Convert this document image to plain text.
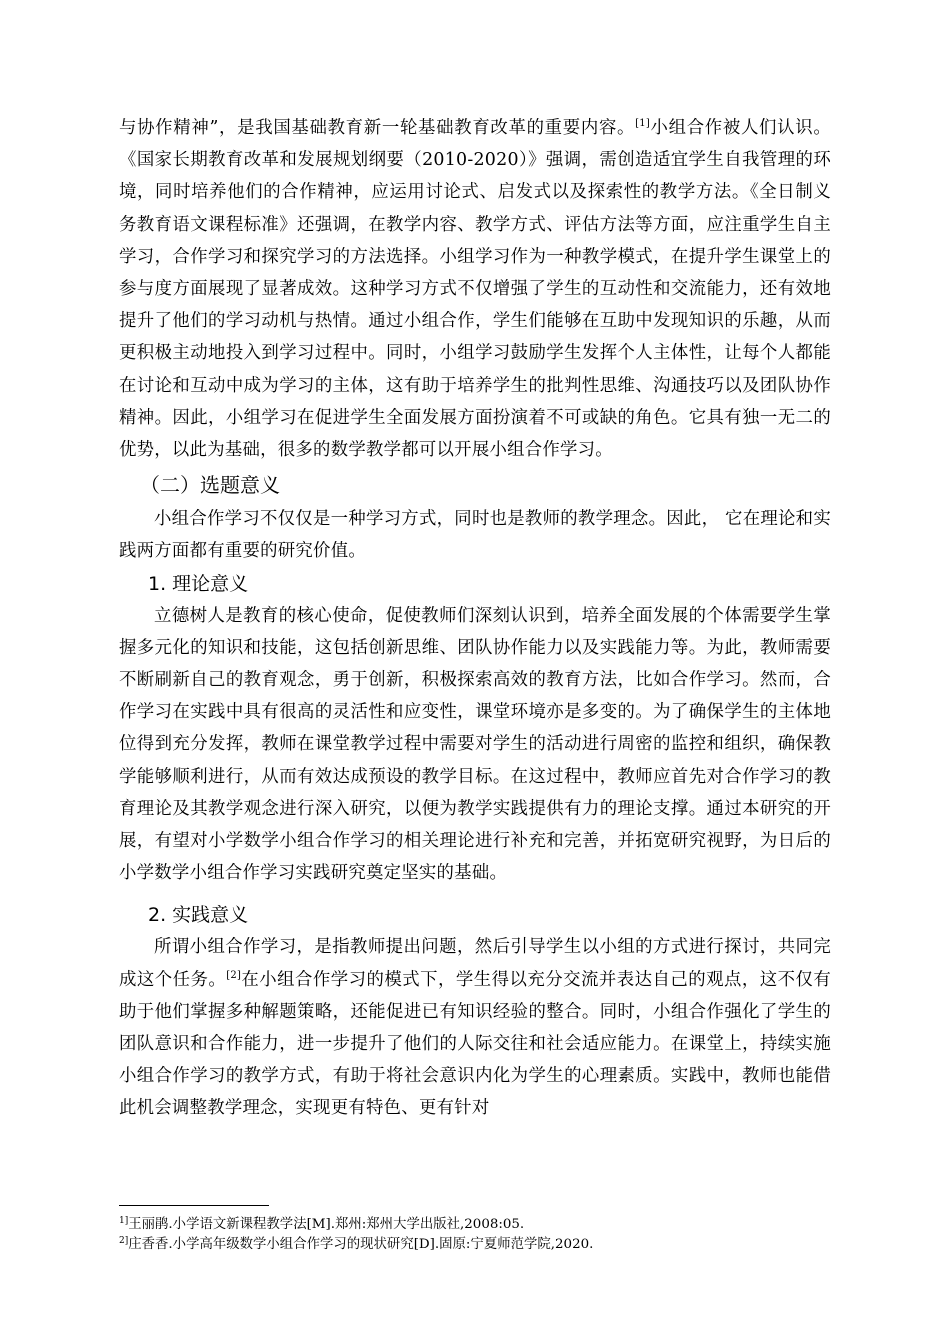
与协作精神”，是我国基础教育新一轮基础教育改革的重要内容。[1]小组合作被人们认识。《国家长期教育改革和发展规划纲要（2010-2020）》强调，需创造适宜学生自我管理的环境，同时培养他们的合作精神，应运用讨论式、启发式以及探索性的教学方法。《全日制义务教育语文课程标准》还强调，在教学内容、教学方式、评估方法等方面，应注重学生自主学习，合作学习和探究学习的方法选择。小组学习作为一种教学模式，在提升学生课堂上的参与度方面展现了显著成效。这种学习方式不仅增强了学生的互动性和交流能力，还有效地提升了他们的学习动机与热情。通过小组合作，学生们能够在互助中发现知识的乐趣，从而更积极主动地投入到学习过程中。同时，小组学习鼓励学生发挥个人主体性，让每个人都能在讨论和互动中成为学习的主体，这有助于培养学生的批判性思维、沟通技巧以及团队协作精神。因此，小组学习在促进学生全面发展方面扮演着不可或缺的角色。它具有独一无二的优势，以此为基础，很多的数学教学都可以开展小组合作学习。

（二）选题意义

小组合作学习不仅仅是一种学习方式，同时也是教师的教学理念。因此， 它在理论和实践两方面都有重要的研究价值。

1. 理论意义

立德树人是教育的核心使命，促使教师们深刻认识到，培养全面发展的个体需要学生掌握多元化的知识和技能，这包括创新思维、团队协作能力以及实践能力等。为此，教师需要不断刷新自己的教育观念，勇于创新，积极探索高效的教育方法，比如合作学习。然而，合作学习在实践中具有很高的灵活性和应变性，课堂环境亦是多变的。为了确保学生的主体地位得到充分发挥，教师在课堂教学过程中需要对学生的活动进行周密的监控和组织，确保教学能够顺利进行，从而有效达成预设的教学目标。在这过程中，教师应首先对合作学习的教育理论及其教学观念进行深入研究，以便为教学实践提供有力的理论支撑。通过本研究的开展，有望对小学数学小组合作学习的相关理论进行补充和完善，并拓宽研究视野，为日后的小学数学小组合作学习实践研究奠定坚实的基础。

2. 实践意义

所谓小组合作学习，是指教师提出问题，然后引导学生以小组的方式进行探讨，共同完成这个任务。[2]在小组合作学习的模式下，学生得以充分交流并表达自己的观点，这不仅有助于他们掌握多种解题策略，还能促进已有知识经验的整合。同时，小组合作强化了学生的团队意识和合作能力，进一步提升了他们的人际交往和社会适应能力。在课堂上，持续实施小组合作学习的教学方式，有助于将社会意识内化为学生的心理素质。实践中，教师也能借此机会调整教学理念，实现更有特色、更有针对

$^{1]}$王丽鹃.小学语文新课程教学法[M].郑州:郑州大学出版社,2008:05.

$^{2]}$庄香香.小学高年级数学小组合作学习的现状研究[D].固原:宁夏师范学院,2020.
